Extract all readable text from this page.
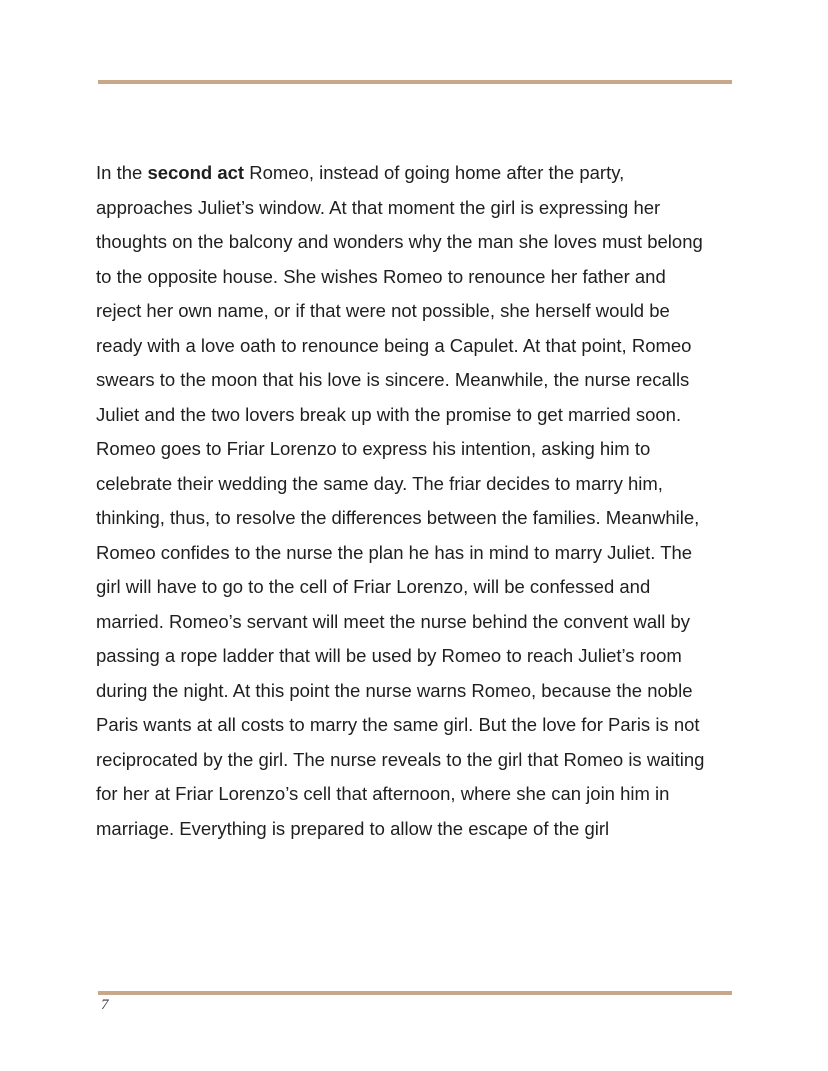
In the second act Romeo, instead of going home after the party,
approaches Juliet’s window. At that moment the girl is expressing her
thoughts on the balcony and wonders why the man she loves must belong
to the opposite house. She wishes Romeo to renounce her father and
reject her own name, or if that were not possible, she herself would be
ready with a love oath to renounce being a Capulet. At that point, Romeo
swears to the moon that his love is sincere. Meanwhile, the nurse recalls
Juliet and the two lovers break up with the promise to get married soon.
Romeo goes to Friar Lorenzo to express his intention, asking him to
celebrate their wedding the same day. The friar decides to marry him,
thinking, thus, to resolve the differences between the families. Meanwhile,
Romeo confides to the nurse the plan he has in mind to marry Juliet. The
girl will have to go to the cell of Friar Lorenzo, will be confessed and
married. Romeo’s servant will meet the nurse behind the convent wall by
passing a rope ladder that will be used by Romeo to reach Juliet’s room
during the night. At this point the nurse warns Romeo, because the noble
Paris wants at all costs to marry the same girl. But the love for Paris is not
reciprocated by the girl. The nurse reveals to the girl that Romeo is waiting
for her at Friar Lorenzo’s cell that afternoon, where she can join him in
marriage. Everything is prepared to allow the escape of the girl

7
